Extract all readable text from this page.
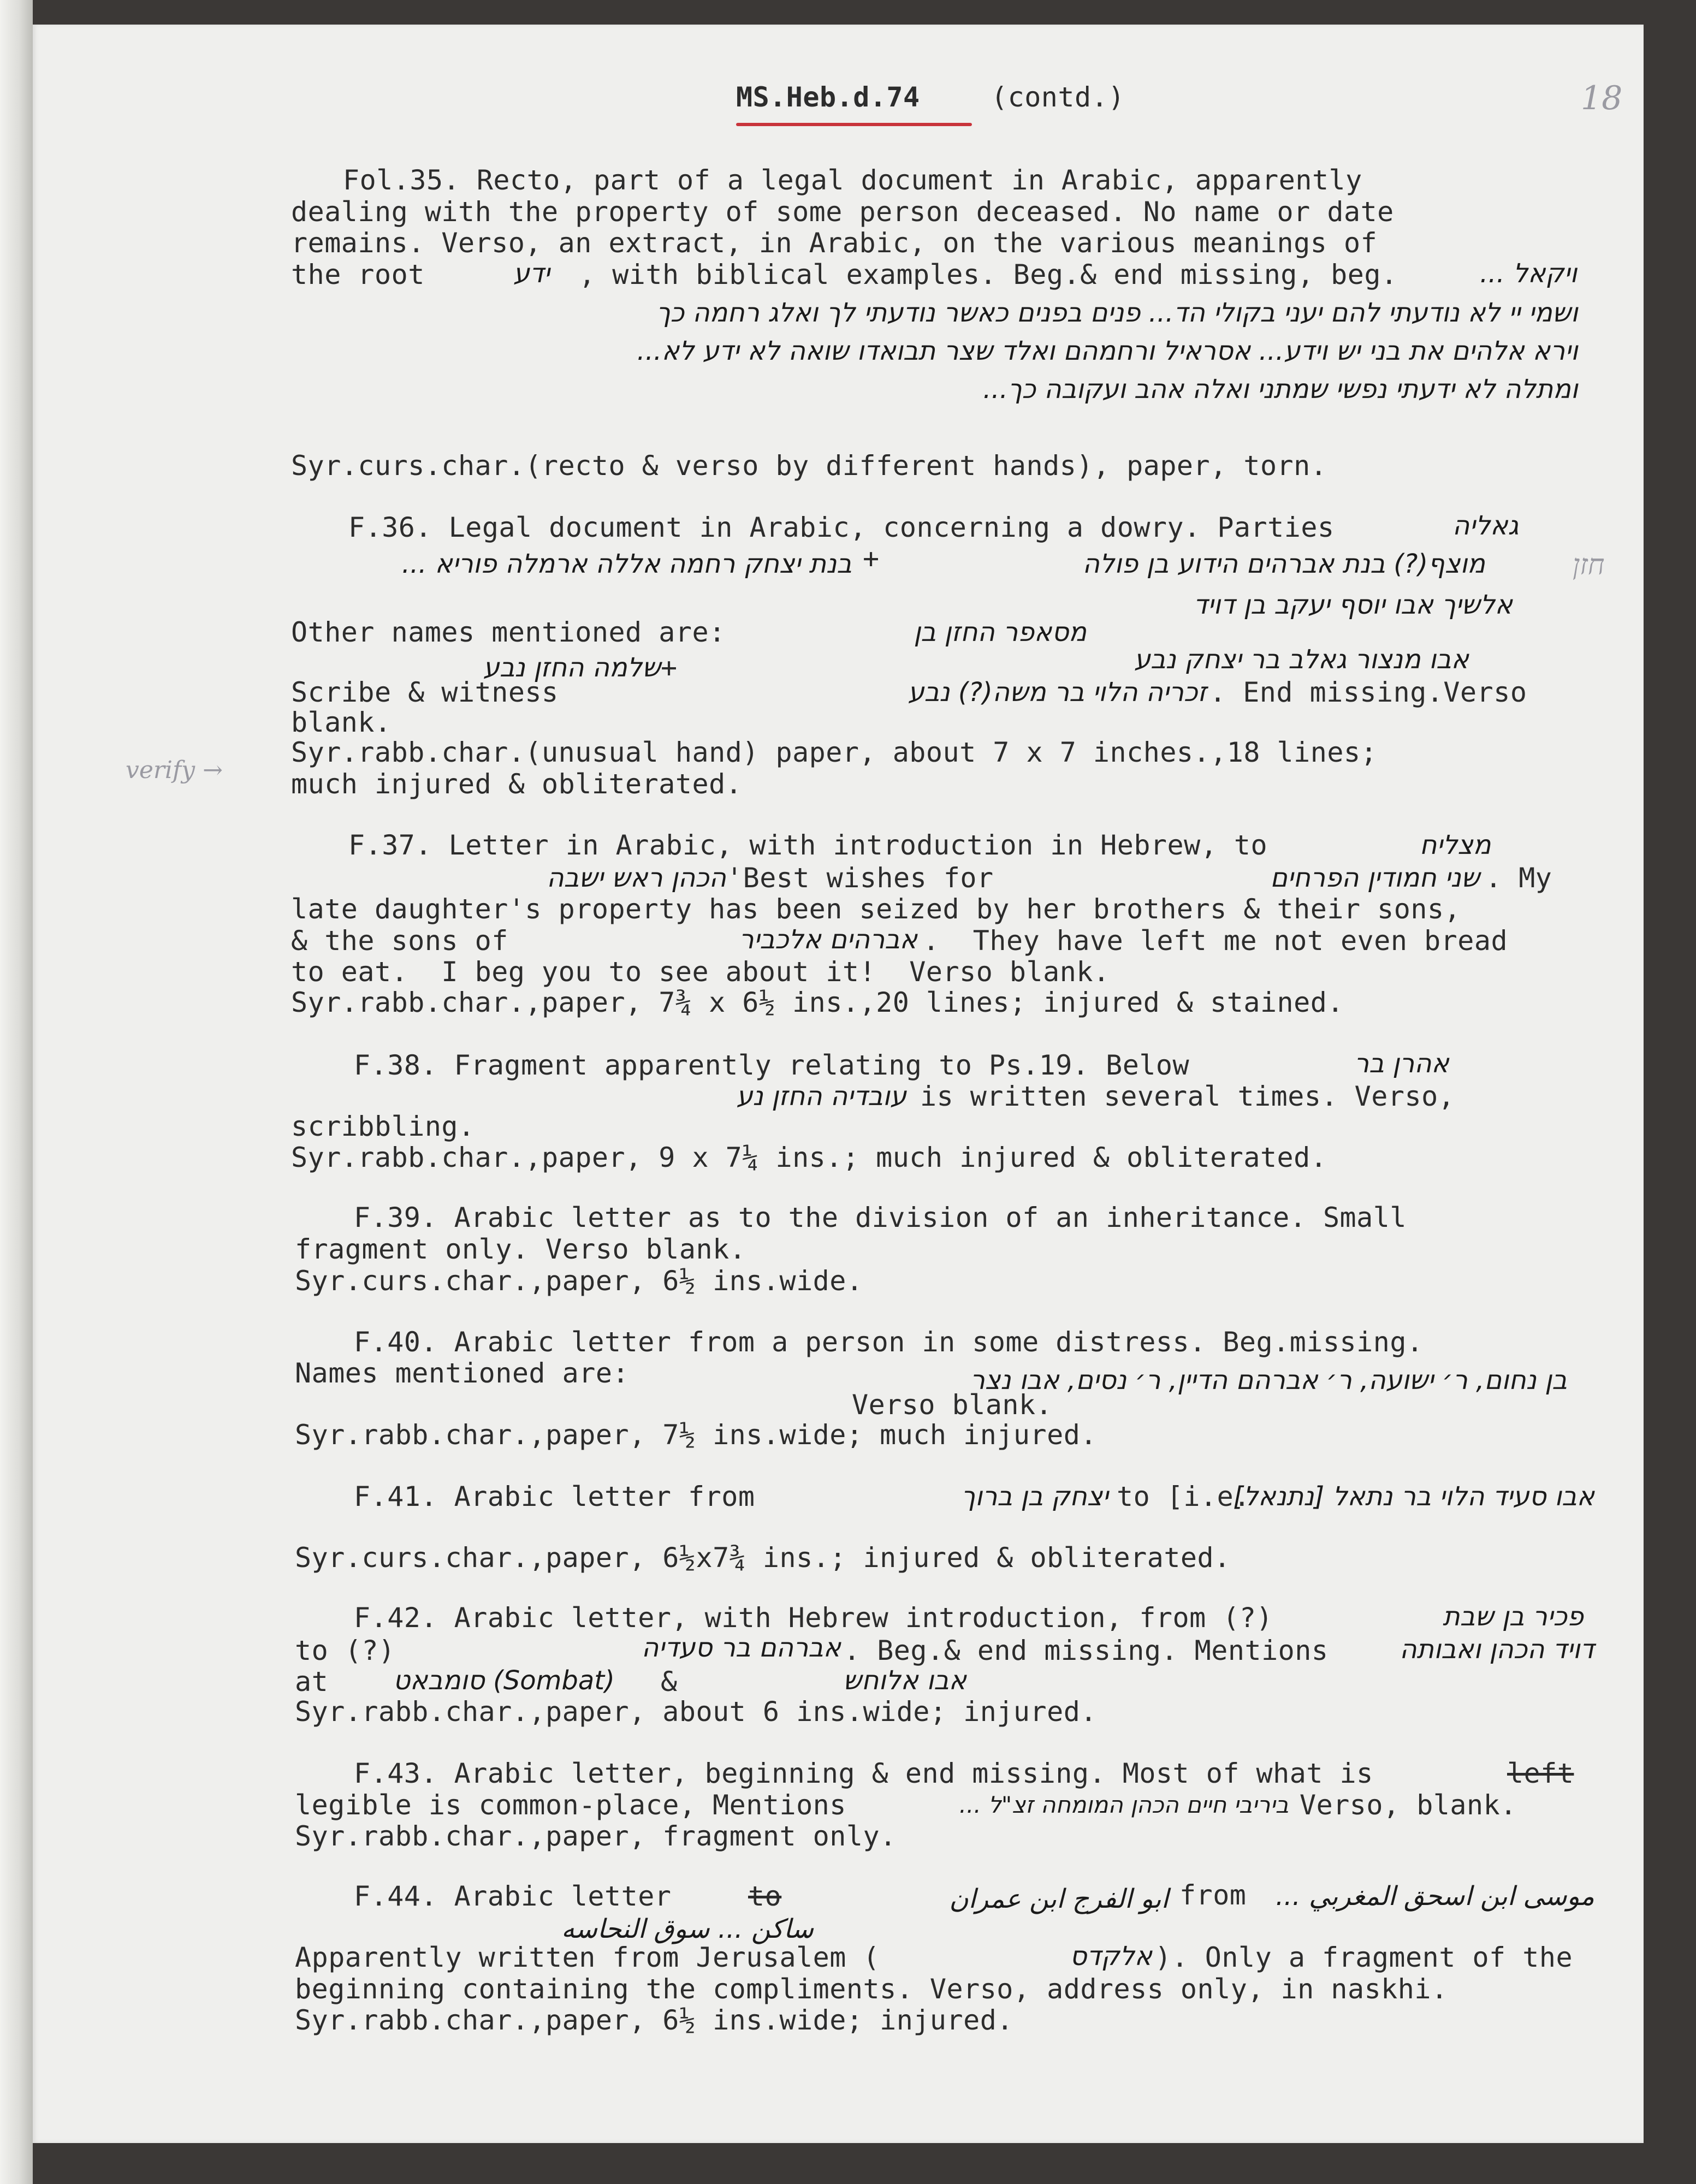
MS.Heb.d.74	(contd.)	18
Fol.35. Recto, part of a legal document in Arabic, apparently
dealing with the property of some person deceased. No name or date
remains. Verso, an extract, in Arabic, on the various meanings of
the root	ידע , with biblical examples. Beg.& end missing, beg.	ויקאל ...
ושמי יי לא נודעתי להם יעני בקולי הד... פנים בפנים כאשר נודעתי לך ואלג רחמה כך
וירא אלהים את בני יש וידע... אסראיל ורחמהם ואלד שצר תבואדו שואה לא ידע לא...
ומתלה לא ידעתי נפשי שמתני ואלה אהב ועקובה כך...
Syr.curs.char.(recto & verso by different hands), paper, torn.
F.36. Legal document in Arabic, concerning a dowry. Parties	גאליה
מוצף(?) בנת אברהים הידוע בן פולה
+
בנת יצחק רחמה אללה ארמלה פוריא ...	חזן
אלשיך אבו יוסף יעקב בן דויד
Other names mentioned are:	מסאפר החזן בן
אבו מנצור גאלב בר יצחק נבע
שלמה החזן נבע +
Scribe & witness	זכריה הלוי בר משה(?) נבע . End missing.Verso
blank.
verify →
Syr.rabb.char.(unusual hand) paper, about 7 x 7 inches.,18 lines;
much injured & obliterated.
F.37. Letter in Arabic, with introduction in Hebrew, to	מצליח
הכהן ראש ישבה 'Best wishes for	שני חמודין הפרחים . My
late daughter's property has been seized by her brothers & their sons,
& the sons of	אברהים אלכביר .  They have left me not even bread
to eat.  I beg you to see about it!  Verso blank.
Syr.rabb.char.,paper, 7¾ x 6½ ins.,20 lines; injured & stained.
F.38. Fragment apparently relating to Ps.19. Below	אהרן בר
עובדיה החזן נע is written several times. Verso,
scribbling.
Syr.rabb.char.,paper, 9 x 7¼ ins.; much injured & obliterated.
F.39. Arabic letter as to the division of an inheritance. Small
fragment only. Verso blank.
Syr.curs.char.,paper, 6½ ins.wide.
F.40. Arabic letter from a person in some distress. Beg.missing.
Names mentioned are:	בן נחום, ר׳ ישועה, ר׳ אברהם הדיין, ר׳ נסים, אבו נצר
Verso blank.
Syr.rabb.char.,paper, 7½ ins.wide; much injured.
F.41. Arabic letter from	יצחק בן ברוך to [i.e.
אבו סעיד הלוי בר נתאל [נתנאל]
Syr.curs.char.,paper, 6½x7¾ ins.; injured & obliterated.
F.42. Arabic letter, with Hebrew introduction, from (?)	פכיר בן שבת
to (?)	אברהם בר סעדיה . Beg.& end missing. Mentions	דויד הכהן ואבותה
at סומבאט (Sombat)	&	אבו אלוחש
Syr.rabb.char.,paper, about 6 ins.wide; injured.
F.43. Arabic letter, beginning & end missing. Most of what is	left
legible is common-place, Mentions	ביריבי חיים הכהן המומחה זצ"ל ... Verso, blank.
Syr.rabb.char.,paper, fragment only.
F.44. Arabic letter	to	ابو الفرج ابن عمران from موسى ابن اسحق المغربي ...
ساكن ... سوق النحاسه
Apparently written from Jerusalem (	אלקדס ). Only a fragment of the
beginning containing the compliments. Verso, address only, in naskhi.
Syr.rabb.char.,paper, 6½ ins.wide; injured.
